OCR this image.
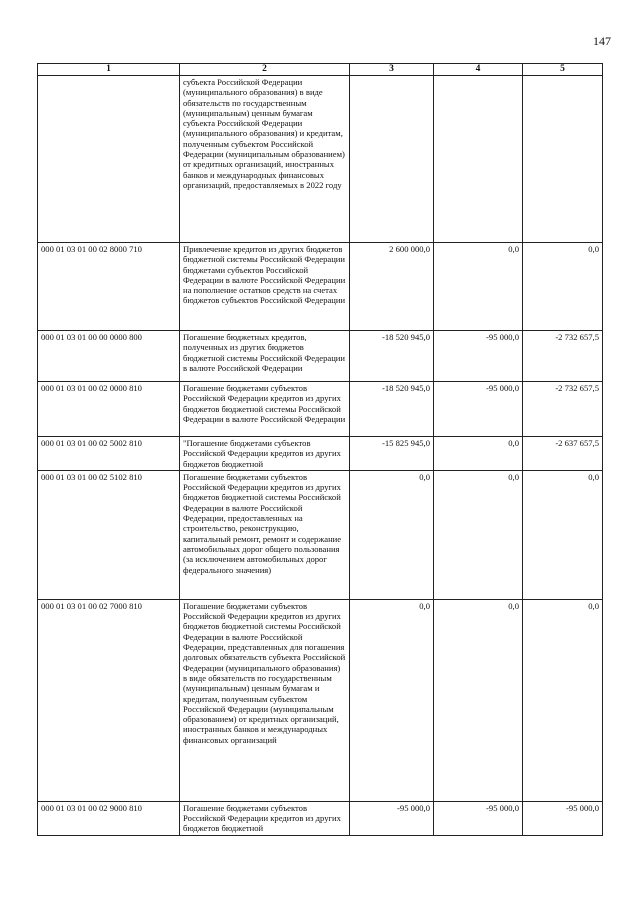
147
1	2	3	4	5
	субъекта Российской Федерации (муниципального образования) в виде обязательств по государственным (муниципальным) ценным бумагам субъекта Российской Федерации (муниципального образования) и кредитам, полученным субъектом Российской Федерации (муниципальным образованием) от кредитных организаций, иностранных банков и международных финансовых организаций, предоставляемых в 2022 году			
000 01 03 01 00 02 8000 710	Привлечение кредитов из других бюджетов бюджетной системы Российской Федерации бюджетами субъектов Российской Федерации в валюте Российской Федерации на пополнение остатков средств на счетах бюджетов субъектов Российской Федерации	2 600 000,0	0,0	0,0
000 01 03 01 00 00 0000 800	Погашение бюджетных кредитов, полученных из других бюджетов бюджетной системы Российской Федерации в валюте Российской Федерации	-18 520 945,0	-95 000,0	-2 732 657,5
000 01 03 01 00 02 0000 810	Погашение бюджетами субъектов Российской Федерации кредитов из других бюджетов бюджетной системы Российской Федерации в валюте Российской Федерации	-18 520 945,0	-95 000,0	-2 732 657,5
000 01 03 01 00 02 5002 810	"Погашение бюджетами субъектов Российской Федерации кредитов из других бюджетов бюджетной	-15 825 945,0	0,0	-2 637 657,5
000 01 03 01 00 02 5102 810	Погашение бюджетами субъектов Российской Федерации кредитов из других бюджетов бюджетной системы Российской Федерации в валюте Российской Федерации, предоставленных на строительство, реконструкцию, капитальный ремонт, ремонт и содержание автомобильных дорог общего пользования (за исключением автомобильных дорог федерального значения)	0,0	0,0	0,0
000 01 03 01 00 02 7000 810	Погашение бюджетами субъектов Российской Федерации кредитов из других бюджетов бюджетной системы Российской Федерации в валюте Российской Федерации, представленных для погашения долговых обязательств субъекта Российской Федерации (муниципального образования) в виде обязательств по государственным (муниципальным) ценным бумагам и кредитам, полученным субъектом Российской Федерации (муниципальным образованием) от кредитных организаций, иностранных банков и международных финансовых организаций	0,0	0,0	0,0
000 01 03 01 00 02 9000 810	Погашение бюджетами субъектов Российской Федерации кредитов из других бюджетов бюджетной	-95 000,0	-95 000,0	-95 000,0
